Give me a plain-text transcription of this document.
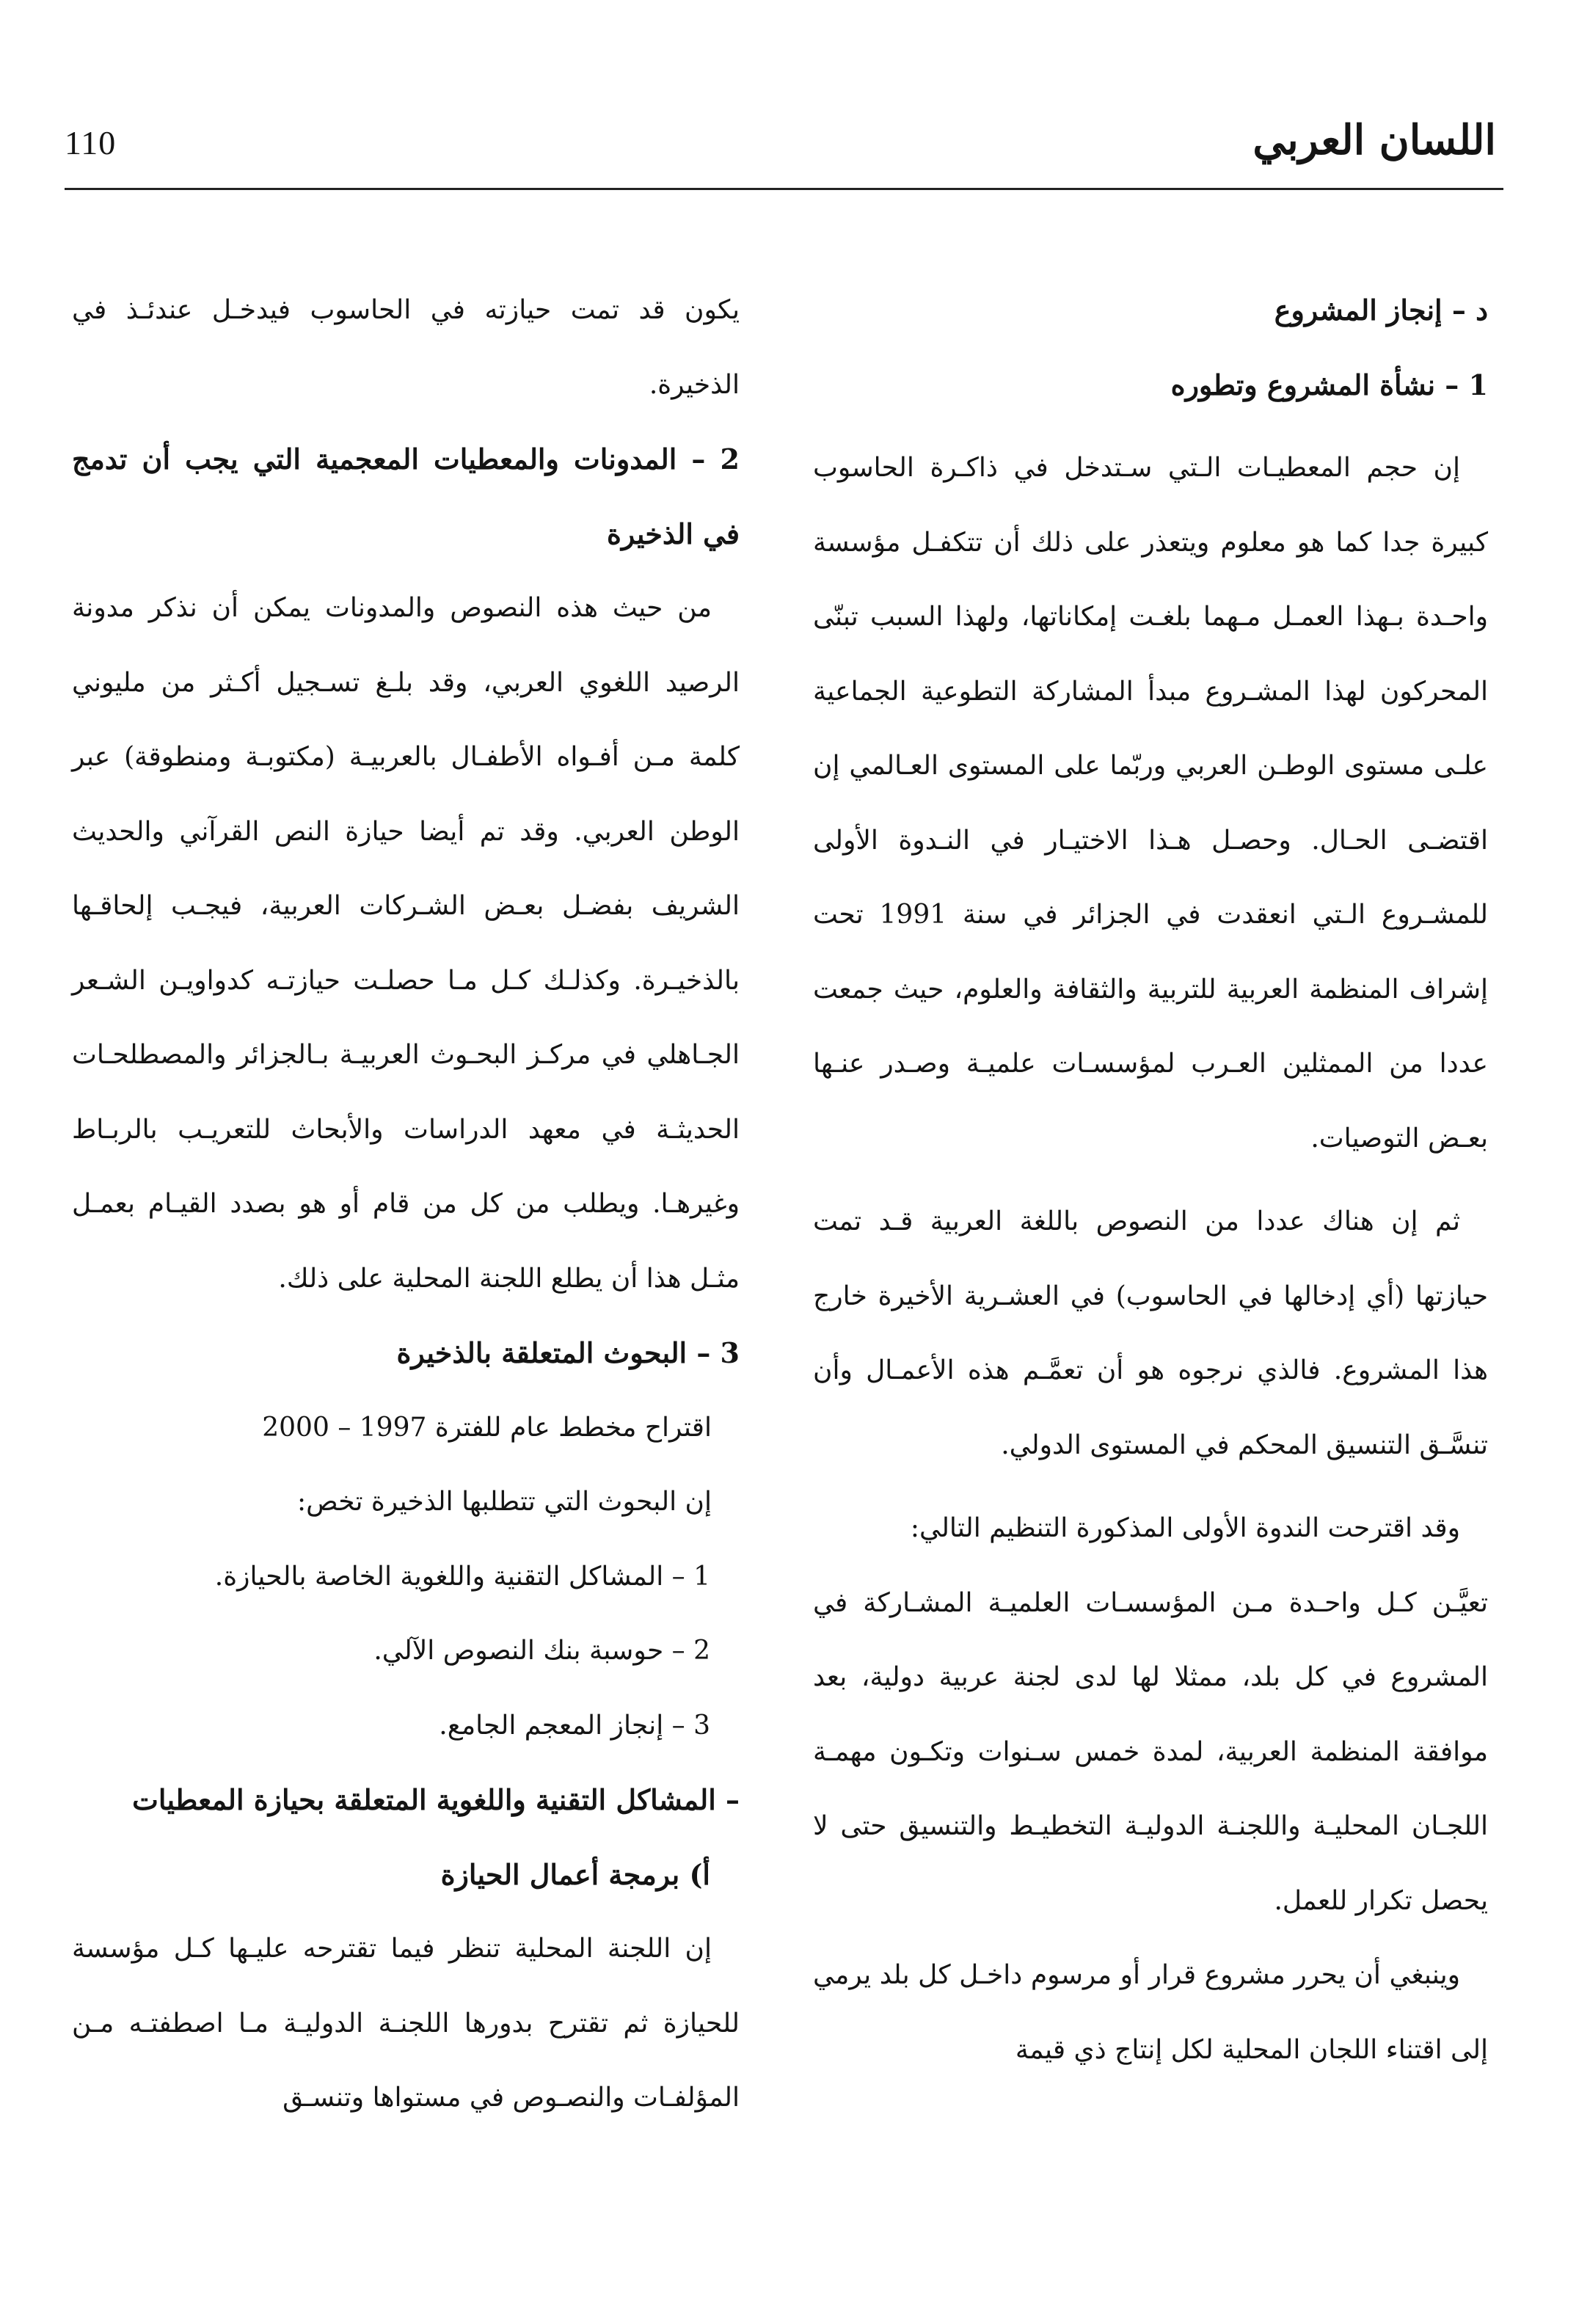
110	اللسان العربي
د – إنجاز المشروع
1 – نشأة المشروع وتطوره

إن حجم المعطيـات الـتي سـتدخل في ذاكـرة الحاسوب كبيرة جدا كما هو معلوم ويتعذر على ذلك أن تتكفـل مؤسسة واحـدة بـهذا العمـل مـهما بلغـت إمكاناتها، ولهذا السبب تبنّى المحركون لهذا المشـروع مبدأ المشاركة التطوعية الجماعية علـى مستوى الوطـن العربي وربّما على المستوى العـالمي إن اقتضـى الحـال. وحصـل هـذا الاختيـار في النـدوة الأولى للمشـروع الـتي انعقدت في الجزائر في سنة 1991 تحت إشراف المنظمة العربية للتربية والثقافة والعلوم، حيث جمعت عددا من الممثلين العـرب لمؤسسـات علميـة وصـدر عنـها بعـض التوصيات.

ثم إن هناك عددا من النصوص باللغة العربية قـد تمت حيازتها (أي إدخالها في الحاسوب) في العشـرية الأخيرة خارج هذا المشروع. فالذي نرجوه هو أن تعمَّـم هذه الأعمـال وأن تنسَّـق التنسيق المحكم في المستوى الدولي.

وقد اقترحت الندوة الأولى المذكورة التنظيم التالي:

تعيَّـن كـل واحـدة مـن المؤسسـات العلميـة المشـاركة في المشروع في كل بلد، ممثلا لها لدى لجنة عربية دولية، بعد موافقة المنظمة العربية، لمدة خمس سـنوات وتكـون مهمـة اللجـان المحليـة واللجنـة الدوليـة التخطيـط والتنسيق حتى لا يحصل تكرار للعمل.

وينبغي أن يحرر مشروع قرار أو مرسوم داخـل كل بلد يرمي إلى اقتناء اللجان المحلية لكل إنتاج ذي قيمة

يكون قد تمت حيازته في الحاسوب فيدخـل عندئـذ في الذخيرة.

2 – المدونات والمعطيات المعجمية التي يجب أن تدمج في الذخيرة

من حيث هذه النصوص والمدونات يمكن أن نذكر مدونة الرصيد اللغوي العربي، وقد بلـغ تسـجيل أكـثر من مليوني كلمة مـن أفـواه الأطفـال بالعربيـة (مكتوبـة ومنطوقة) عبر الوطن العربي. وقد تم أيضا حيازة النص القرآني والحديث الشريف بفضـل بعـض الشـركات العربية، فيجـب إلحاقـها بالذخيـرة. وكذلـك كـل مـا حصلـت حيازتـه كدواويـن الشـعر الجـاهلي في مركـز البحـوث العربيـة بـالجزائر والمصطلحـات الحديثـة في معهد الدراسات والأبحاث للتعريـب بالربـاط وغيرهـا. ويطلب من كل من قام أو هو بصدد القيـام بعمـل مثـل هذا أن يطلع اللجنة المحلية على ذلك.

3 – البحوث المتعلقة بالذخيرة

اقتراح مخطط عام للفترة 1997 – 2000

إن البحوث التي تتطلبها الذخيرة تخص:

1 – المشاكل التقنية واللغوية الخاصة بالحيازة.

2 – حوسبة بنك النصوص الآلي.

3 – إنجاز المعجم الجامع.

– المشاكل التقنية واللغوية المتعلقة بحيازة المعطيات
أ) برمجة أعمال الحيازة

إن اللجنة المحلية تنظر فيما تقترحه عليـها كـل مؤسسة للحيازة ثم تقترح بدورها اللجنـة الدوليـة مـا اصطفتـه مـن المؤلفـات والنصـوص في مستواها وتنسـق
